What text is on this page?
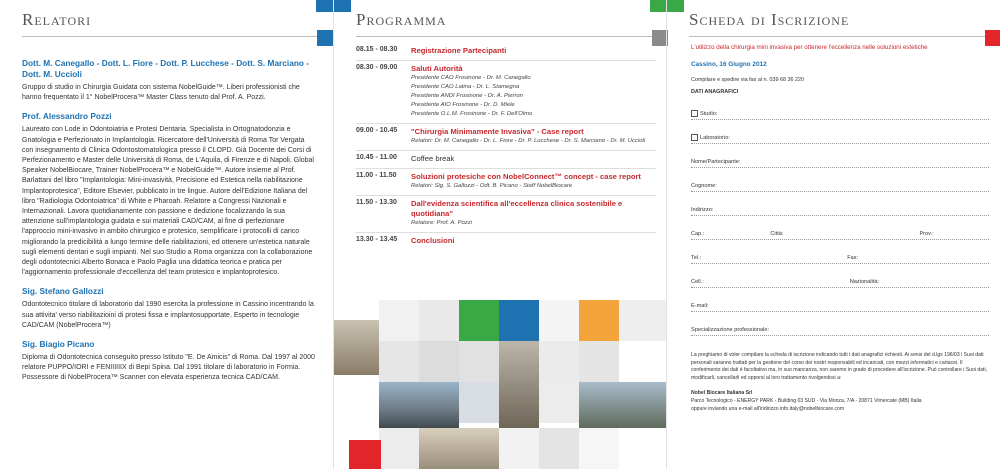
Relatori
Dott. M. Canegallo - Dott. L. Fiore - Dott. P. Lucchese - Dott. S. Marciano - Dott. M. Uccioli

Gruppo di studio in Chirurgia Guidata con sistema NobelGuide™. Liberi professionisti che hanno frequentato il 1° NobelProcera™ Master Class tenuto dal Prof. A. Pozzi.

Prof. Alessandro Pozzi

Laureato con Lode in Odontoiatria e Protesi Dentaria. Specialista in Ortognatodonzia e Gnatologia e Perfezionato in Implantologia. Ricercatore dell'Università di Roma Tor Vergata con insegnamento di Clinica Odontostomatologica presso il CLOPD. Già Docente dei Corsi di Perfezionamento e Master delle Università di Roma, de L'Aquila, di Firenze e di Napoli. Global Speaker NobelBiocare, Trainer NobelProcera™ e NobelGuide™. Autore insieme al Prof. Barlattani del libro "Implantologia: Mini-invasività, Precisione ed Estetica nella riabilitazione Implantoprotesica", Editore Elsevier, pubblicato in tre lingue. Autore dell'Edizione Italiana del libro "Radiologia Odontoiatrica" di White e Pharoah. Relatore a Congressi Nazionali e Internazionali. Lavora quotidianamente con passione e dedizione focalizzando la sua attenzione sull'implantologia guidata e sui materiali CAD/CAM, al fine di perfezionare l'approccio mini-invasivo in ambito chirurgico e protesico, semplificare i protocolli di carico migliorando la predicibilità a lungo termine delle riabilitazioni, ed ottenere un'estetica naturale sugli elementi dentari e sugli impianti. Nel suo Studio a Roma organizza con la collaborazione degli odontotecnici Alberto Bonaca e Paolo Paglia una didattica teorica e pratica per l'aggiornamento professionale d'eccellenza del team protesico e implantoprotesico.

Sig. Stefano Gallozzi

Odontotecnico titolare di laboratorio dal 1990 esercita la professione in Cassino incentrando la sua attivita' verso riabilitazioini di protesi fissa e implantosupportate. Esperto in tecnologie CAD/CAM (NobelProcera™)

Sig. Biagio Picano

Diploma di Odontotecnica conseguito presso Istituto "E. De Amicis" di Roma. Dal 1997 al 2000 relatore PUPPO/IORI e FENIIIIIIX di Bepi Spina. Dal 1991 titolare di laboratorio in Formia. Possessore di NobelProcera™ Scanner con elevata esperienza tecnica CAD/CAM.

Programma
08.15 - 08.30	Registrazione Partecipanti
08.30 - 09.00	Saluti Autorità
Presidente CAO Frosinone - Dr. M. Canegallo
Presidente CAO Latina - Dr. L. Stamegna
Presidente ANDI Frosinone - Dr. A. Pierron
Presidente AIO Frosinone - Dr. D. Miele
Presidente O.L.M. Frosinone - Dr. F. Dell'Olmo
09.00 - 10.45	"Chirurgia Minimamente Invasiva" - Case report
Relatori: Dr. M. Canegallo - Dr. L. Fiore - Dr. P. Lucchese - Dr. S. Marciano - Dr. M. Uccioli
10.45 - 11.00	Coffee break
11.00 - 11.50	Soluzioni protesiche con NobelConnect™ concept - case report
Relatori: Sig. S. Gallozzi - Odt. B. Picano - Staff NobelBiocare
11.50 - 13.30	Dall'evidenza scientifica all'eccellenza clinica sostenibile e quotidiana"
Relatore: Prof. A. Pozzi
13.30 - 13.45	Conclusioni
Scheda di Iscrizione
L'utilizzo della chirurgia mini invasiva per ottenere l'eccellenza nelle soluzioni estetiche
Cassino, 16 Giugno 2012
Compilare e spedire via fax al n. 039 68 36 220
DATI ANAGRAFICI
Studio:
Laboratorio:
Nome/Partecipante:
Cognome:
Indirizzo:
Cap.:	Città:	Prov.:
Tel.:	Fax:
Cell.:	Nazionalità:
E-mail:
Specializzazione professionale:
La preghiamo di voler compilare la scheda di iscrizione indicando tutti i dati anagrafici richiesti. Ai sensi del d.lgs 196/03 i Suoi dati personali saranno trattati per la gestione del corso dei nostri responsabili ed incaricati, con mezzi informatici e cartacei. Il conferimento dei dati è facoltativo ma, in suo mancanza, non saremo in grado di procedere all'iscrizione. Può controllare i Suoi dati, modificarli, cancellarli ed opporsi al loro trattamento rivolgendosi a:
Nobel Biocare Italiana Srl
Parco Tecnologico - ENERGY PARK - Building 03 SUD - Via Monza, 7/A - 20871 Vimercate (MB) Italia
oppure inviando una e-mail all'indirizzo info.italy@nobelbiocare.com
